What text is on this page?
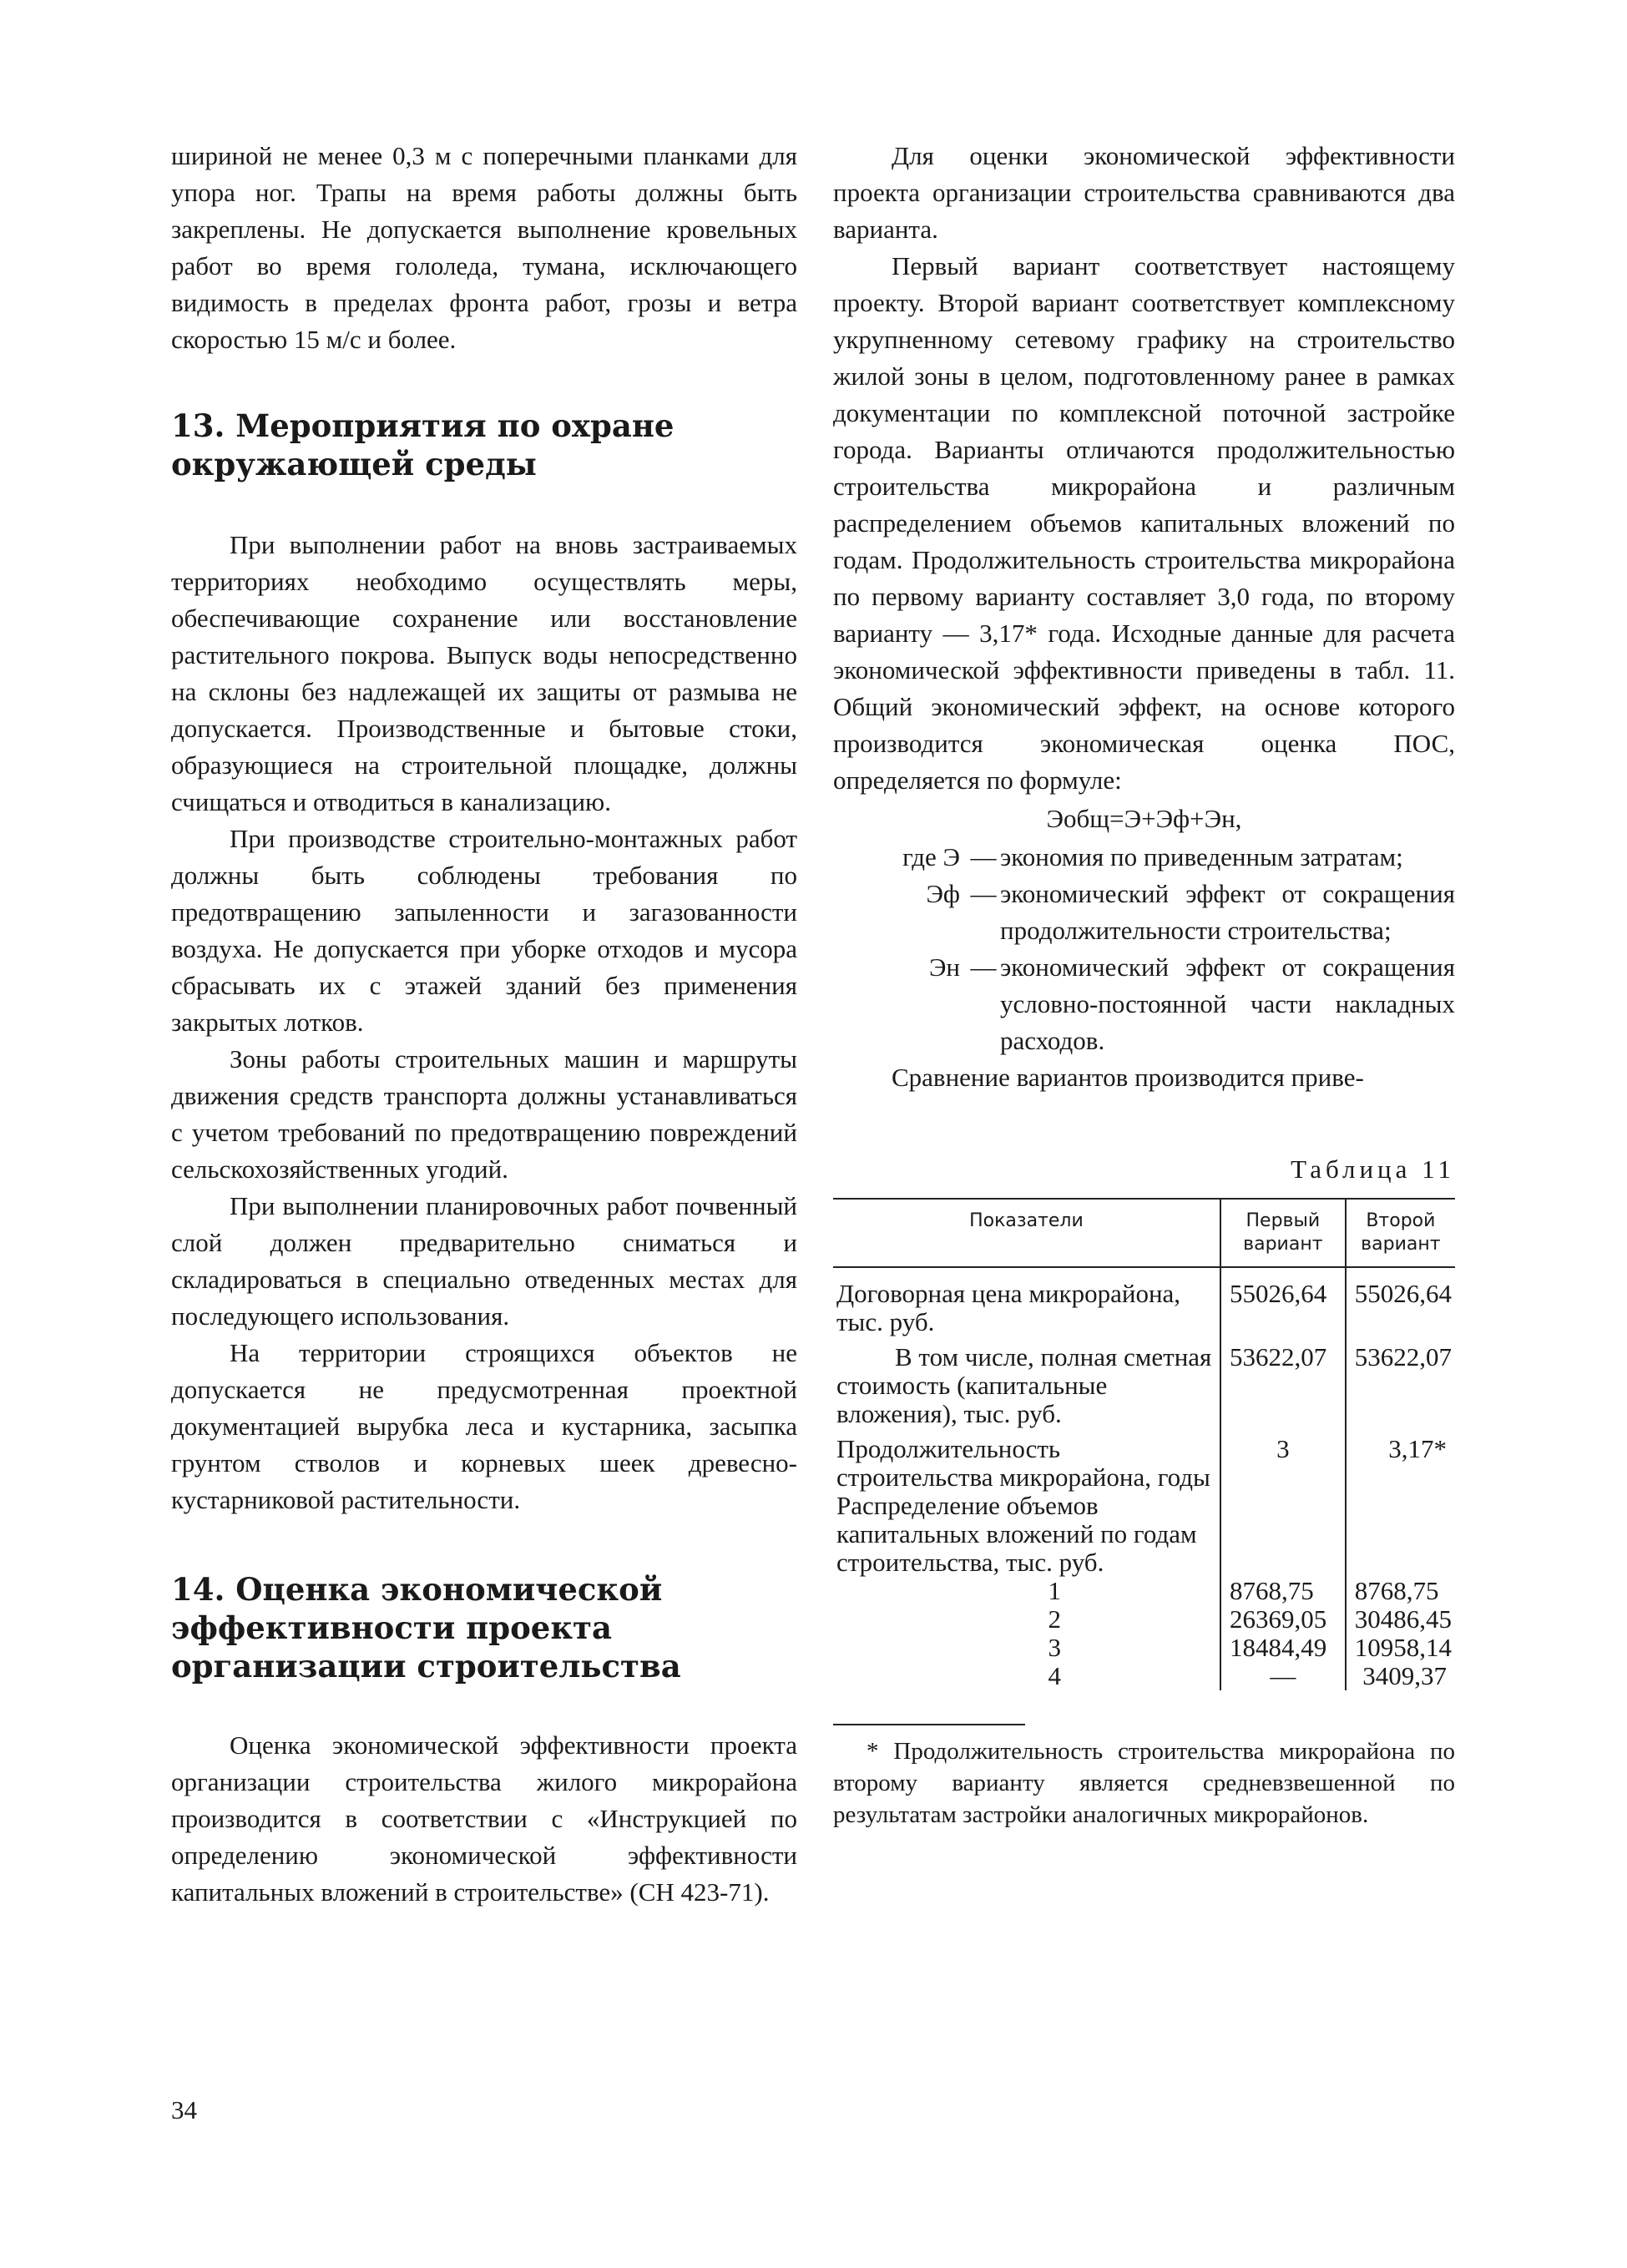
шириной не менее 0,3 м с поперечными планками для упора ног. Трапы на время работы должны быть закреплены. Не допускается выполнение кровельных работ во время гололеда, тумана, исключающего видимость в пределах фронта работ, грозы и ветра скоростью 15 м/с и более.

13. Мероприятия по охране окружающей среды

При выполнении работ на вновь застраиваемых территориях необходимо осуществлять меры, обеспечивающие сохранение или восстановление растительного покрова. Выпуск воды непосредственно на склоны без надлежащей их защиты от размыва не допускается. Производственные и бытовые стоки, образующиеся на строительной площадке, должны счищаться и отводиться в канализацию.

При производстве строительно-монтажных работ должны быть соблюдены требования по предотвращению запыленности и загазованности воздуха. Не допускается при уборке отходов и мусора сбрасывать их с этажей зданий без применения закрытых лотков.

Зоны работы строительных машин и маршруты движения средств транспорта должны устанавливаться с учетом требований по предотвращению повреждений сельскохозяйственных угодий.

При выполнении планировочных работ почвенный слой должен предварительно сниматься и складироваться в специально отведенных местах для последующего использования.

На территории строящихся объектов не допускается не предусмотренная проектной документацией вырубка леса и кустарника, засыпка грунтом стволов и корневых шеек древесно-кустарниковой растительности.

14. Оценка экономической эффективности проекта организации строительства

Оценка экономической эффективности проекта организации строительства жилого микрорайона производится в соответствии с «Инструкцией по определению экономической эффективности капитальных вложений в строительстве» (СН 423-71).

Для оценки экономической эффективности проекта организации строительства сравниваются два варианта.

Первый вариант соответствует настоящему проекту. Второй вариант соответствует комплексному укрупненному сетевому графику на строительство жилой зоны в целом, подготовленному ранее в рамках документации по комплексной поточной застройке города. Варианты отличаются продолжительностью строительства микрорайона и различным распределением объемов капитальных вложений по годам. Продолжительность строительства микрорайона по первому варианту составляет 3,0 года, по второму варианту — 3,17* года. Исходные данные для расчета экономической эффективности приведены в табл. 11. Общий экономический эффект, на основе которого производится экономическая оценка ПОС, определяется по формуле:

Эобщ=Э+Эф+Эн,
где Э — экономия по приведенным затратам;
Эф — экономический эффект от сокращения продолжительности строительства;
Эн — экономический эффект от сокращения условно-постоянной части накладных расходов.

Сравнение вариантов производится приве-

Таблица 11
Показатели	Первый вариант	Второй вариант
Договорная цена микрорайона, тыс. руб.	55026,64	55026,64
В том числе, полная сметная стоимость (капитальные вложения), тыс. руб.	53622,07	53622,07
Продолжительность строительства микрорайона, годы	3	3,17*
Распределение объемов капитальных вложений по годам строительства, тыс. руб.		
1	8768,75	8768,75
2	26369,05	30486,45
3	18484,49	10958,14
4	—	3409,37

* Продолжительность строительства микрорайона по второму варианту является средневзвешенной по результатам застройки аналогичных микрорайонов.

34
